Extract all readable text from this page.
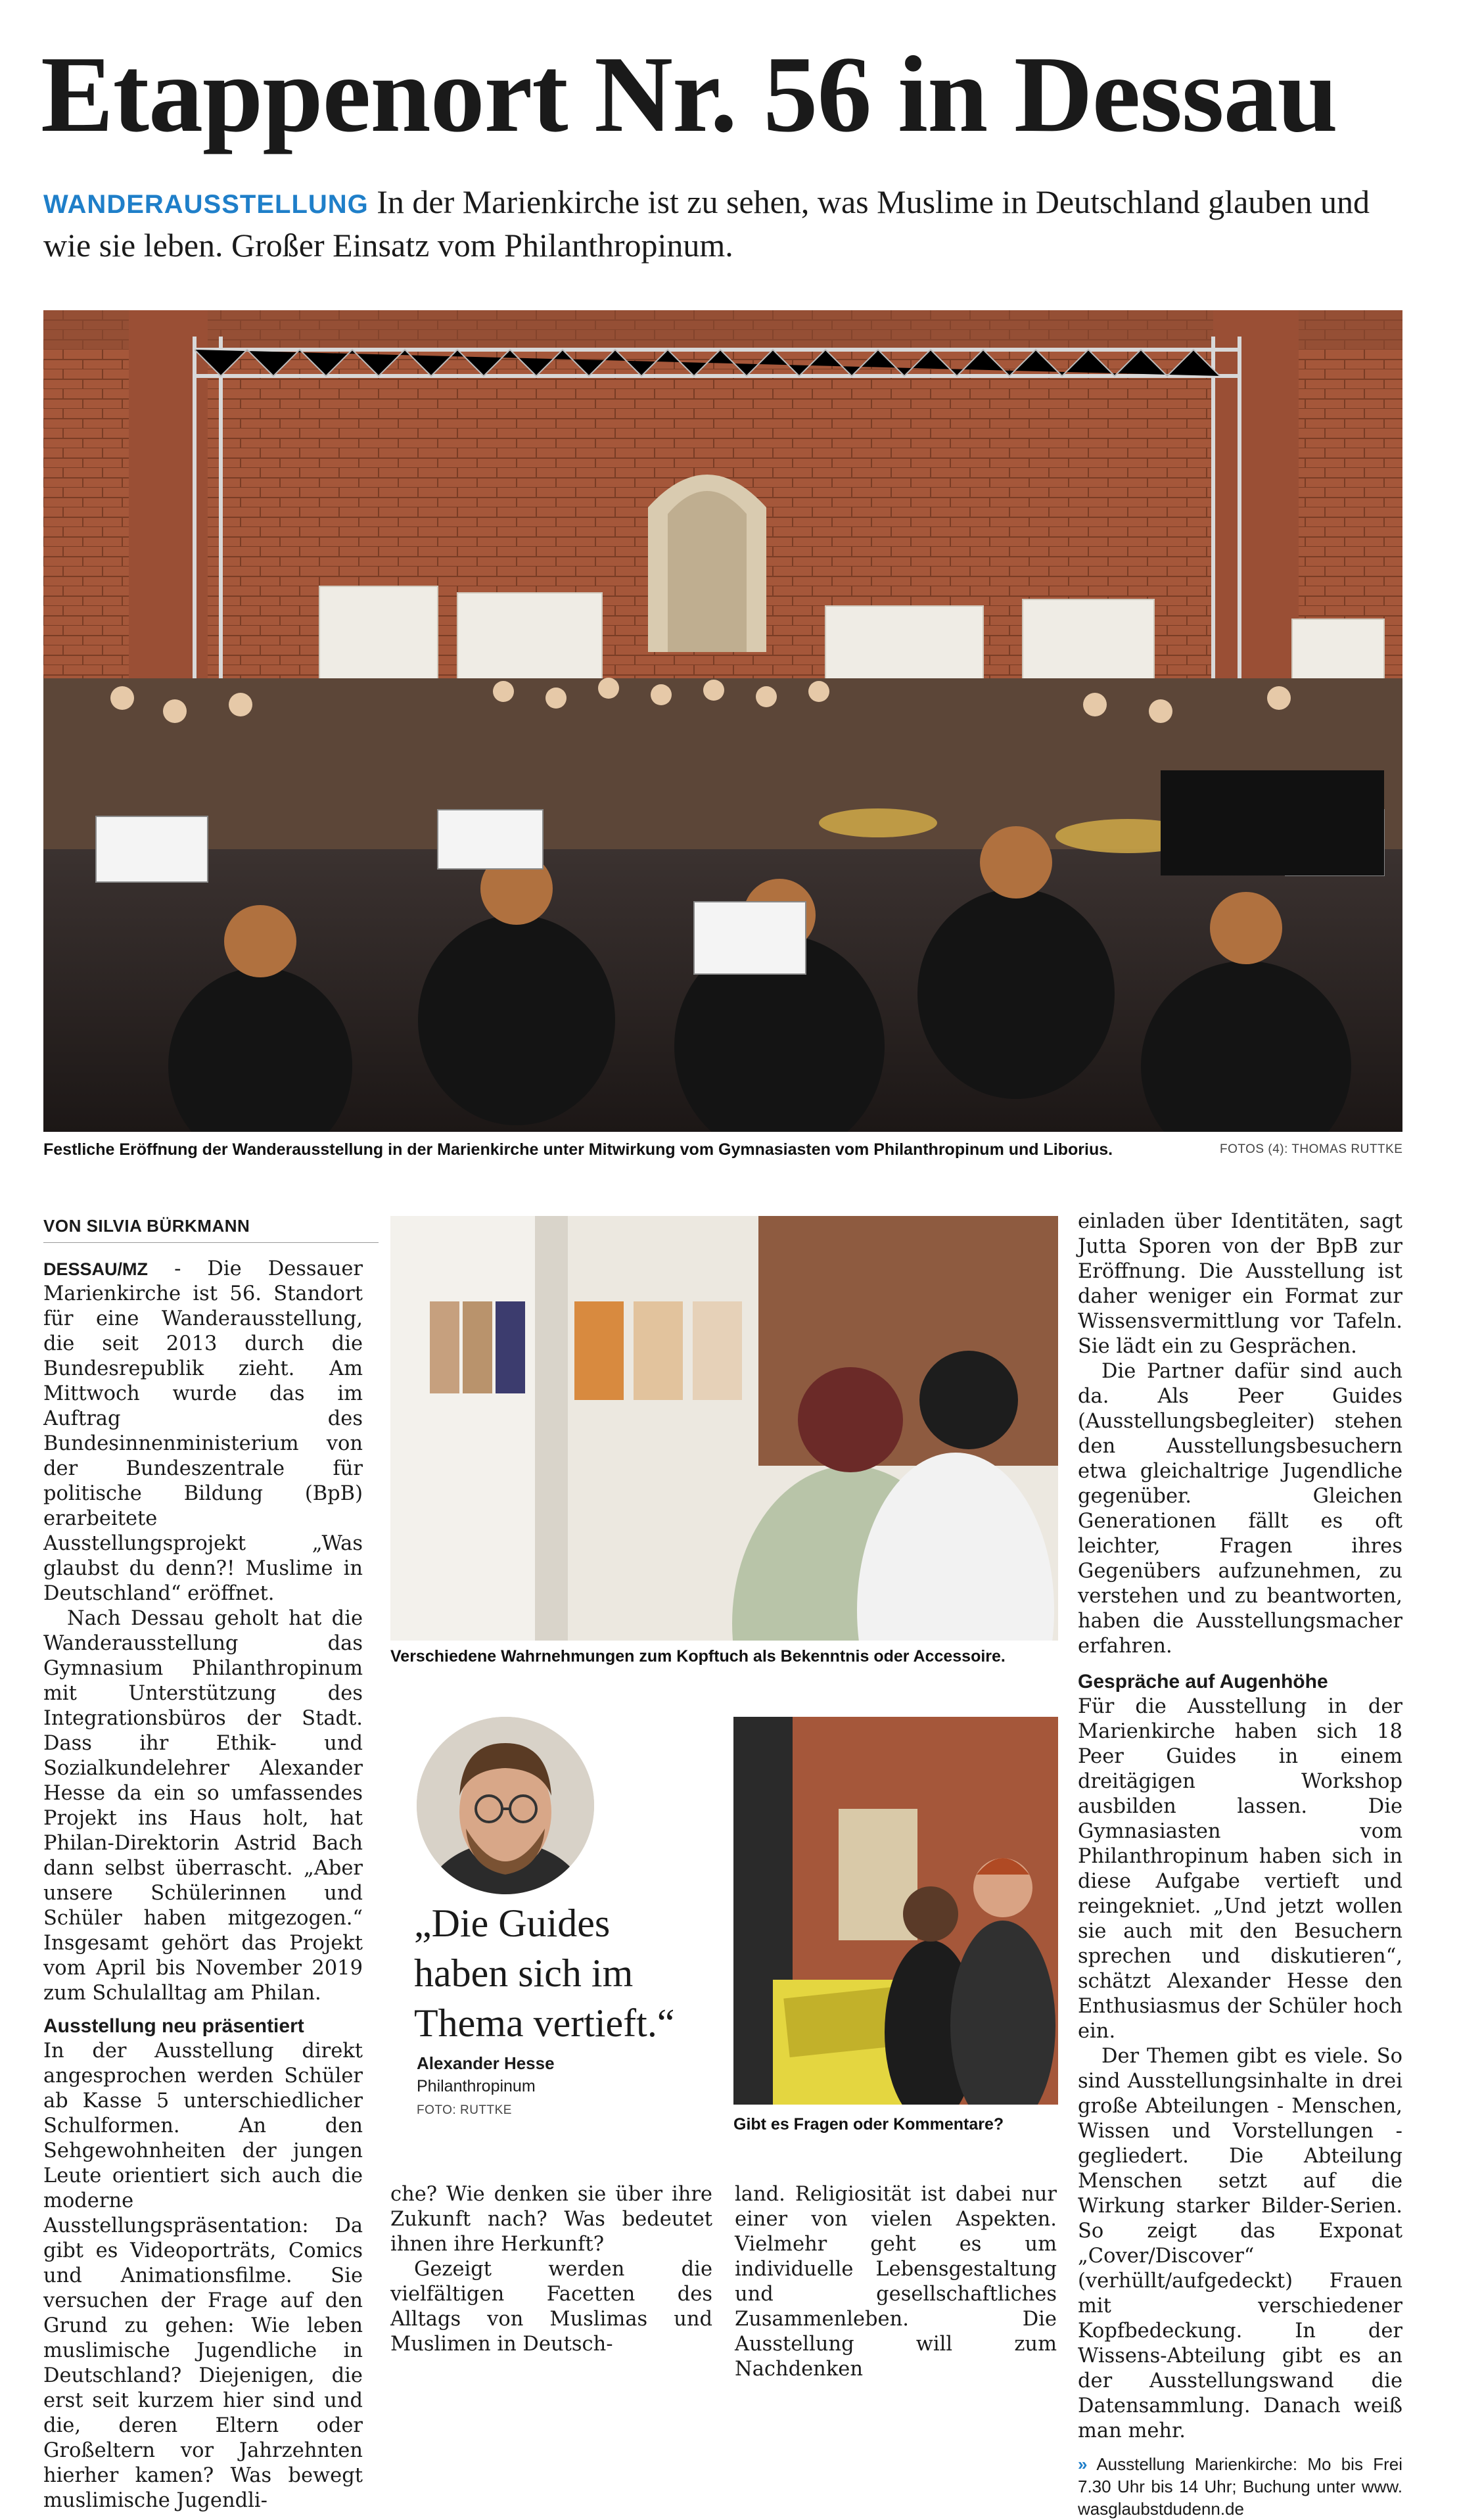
Etappenort Nr. 56 in Dessau
WANDERAUSSTELLUNG In der Marienkirche ist zu sehen, was Muslime in Deutschland glauben und wie sie leben. Großer Einsatz vom Philanthropinum.
Festliche Eröffnung der Wanderausstellung in der Marienkirche unter Mitwirkung vom Gymnasiasten vom Philanthropinum und Liborius.	FOTOS (4): THOMAS RUTTKE
VON SILVIA BÜRKMANN

DESSAU/MZ - Die Dessauer Marienkirche ist 56. Standort für eine Wanderausstellung, die seit 2013 durch die Bundesrepublik zieht. Am Mittwoch wurde das im Auftrag des Bundesinnenministerium von der Bundeszentrale für politische Bildung (BpB) erarbeitete Ausstellungsprojekt „Was glaubst du denn?! Muslime in Deutschland“ eröffnet.

Nach Dessau geholt hat die Wanderausstellung das Gymnasium Philanthropinum mit Unterstützung des Integrationsbüros der Stadt. Dass ihr Ethik- und Sozialkundelehrer Alexander Hesse da ein so umfassendes Projekt ins Haus holt, hat Philan-Direktorin Astrid Bach dann selbst überrascht. „Aber unsere Schülerinnen und Schüler haben mitgezogen.“ Insgesamt gehört das Projekt vom April bis November 2019 zum Schulalltag am Philan.

Ausstellung neu präsentiert

In der Ausstellung direkt angesprochen werden Schüler ab Kasse 5 unterschiedlicher Schulformen. An den Sehgewohnheiten der jungen Leute orientiert sich auch die moderne Ausstellungspräsentation: Da gibt es Videoporträts, Comics und Animationsfilme. Sie versuchen der Frage auf den Grund zu gehen: Wie leben muslimische Jugendliche in Deutschland? Diejenigen, die erst seit kurzem hier sind und die, deren Eltern oder Großeltern vor Jahrzehnten hierher kamen? Was bewegt muslimische Jugendli-

Verschiedene Wahrnehmungen zum Kopftuch als Bekenntnis oder Accessoire.
„Die Guides haben sich im Thema vertieft.“
Alexander Hesse
Philanthropinum
FOTO: RUTTKE
Gibt es Fragen oder Kommentare?

che? Wie denken sie über ihre Zukunft nach? Was bedeutet ihnen ihre Herkunft?

Gezeigt werden die vielfältigen Facetten des Alltags von Muslimas und Muslimen in Deutsch-

land. Religiosität ist dabei nur einer von vielen Aspekten. Vielmehr geht es um individuelle Lebensgestaltung und gesellschaftliches Zusammenleben. Die Ausstellung will zum Nachdenken

einladen über Identitäten, sagt Jutta Sporen von der BpB zur Eröffnung. Die Ausstellung ist daher weniger ein Format zur Wissensvermittlung vor Tafeln. Sie lädt ein zu Gesprächen.

Die Partner dafür sind auch da. Als Peer Guides (Ausstellungsbegleiter) stehen den Ausstellungsbesuchern etwa gleichaltrige Jugendliche gegenüber. Gleichen Generationen fällt es oft leichter, Fragen ihres Gegenübers aufzunehmen, zu verstehen und zu beantworten, haben die Ausstellungsmacher erfahren.

Gespräche auf Augenhöhe

Für die Ausstellung in der Marienkirche haben sich 18 Peer Guides in einem dreitägigen Workshop ausbilden lassen. Die Gymnasiasten vom Philanthropinum haben sich in diese Aufgabe vertieft und reingekniet. „Und jetzt wollen sie auch mit den Besuchern sprechen und diskutieren“, schätzt Alexander Hesse den Enthusiasmus der Schüler hoch ein.

Der Themen gibt es viele. So sind Ausstellungsinhalte in drei große Abteilungen - Menschen, Wissen und Vorstellungen - gegliedert. Die Abteilung Menschen setzt auf die Wirkung starker Bilder-Serien. So zeigt das Exponat „Cover/Discover“ (verhüllt/aufgedeckt) Frauen mit verschiedener Kopfbedeckung. In der Wissens-Abteilung gibt es an der Ausstellungswand die Datensammlung. Danach weiß man mehr.

» Ausstellung Marienkirche: Mo bis Frei 7.30 Uhr bis 14 Uhr; Buchung unter www. wasglaubstdudenn.de
